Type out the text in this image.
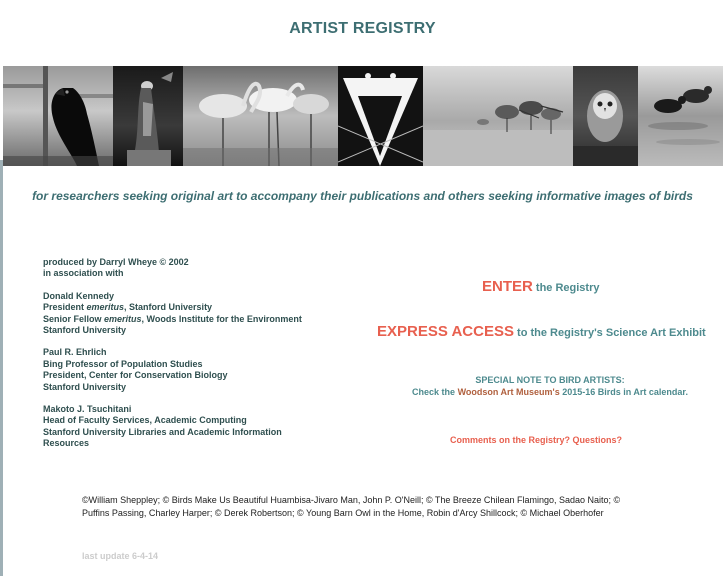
ARTIST REGISTRY
for researchers seeking original art to accompany their publications and others seeking informative images of birds

produced by Darryl Wheye © 2002

in association with

Donald Kennedy

President emeritus, Stanford University

Senior Fellow emeritus, Woods Institute for the Environment

Stanford University

Paul R. Ehrlich

Bing Professor of Population Studies

President, Center for Conservation Biology

Stanford University

Makoto J. Tsuchitani

Head of Faculty Services, Academic Computing

Stanford University Libraries and Academic Information

Resources

ENTER the Registry
EXPRESS ACCESS to the Registry's Science Art Exhibit
SPECIAL NOTE TO BIRD ARTISTS:
Check the Woodson Art Museum's 2015-16 Birds in Art calendar.
Comments on the Registry? Questions?
©William Sheppley; © Birds Make Us Beautiful Huambisa-Jivaro Man, John P. O'Neill; © The Breeze Chilean Flamingo, Sadao Naito; © Puffins Passing, Charley Harper; © Derek Robertson; © Young Barn Owl in the Home, Robin d'Arcy Shillcock; © Michael Oberhofer
last update 6-4-14
